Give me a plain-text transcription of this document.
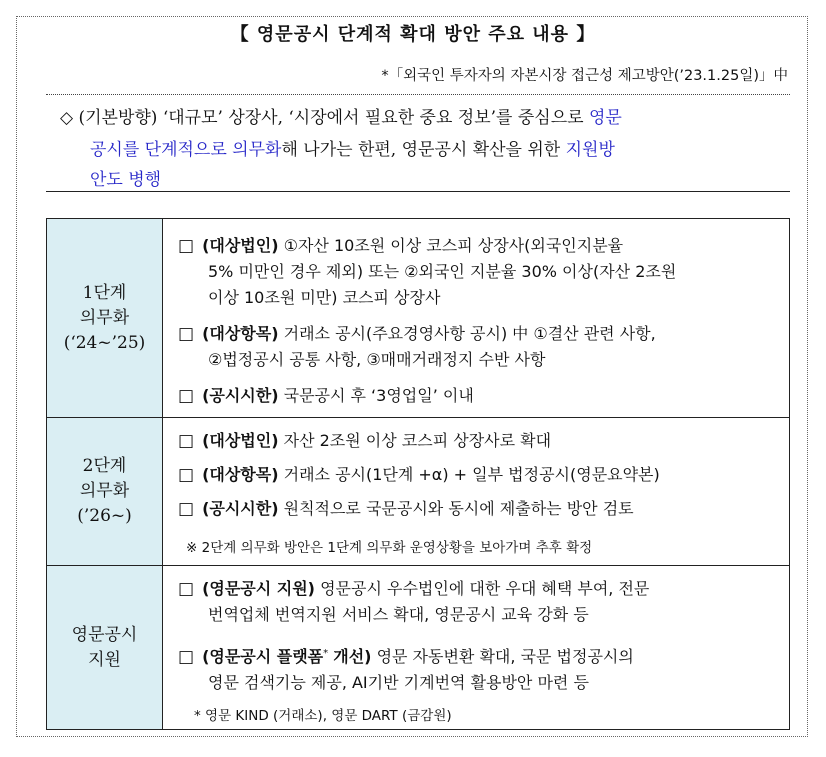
【 영문공시 단계적 확대 방안 주요 내용 】
*「외국인 투자자의 자본시장 접근성 제고방안(’23.1.25일)」中
◇ (기본방향) ‘대규모’ 상장사, ‘시장에서 필요한 중요 정보’를 중심으로 영문
공시를 단계적으로 의무화해 나가는 한편, 영문공시 확산을 위한 지원방
안도 병행
1단계
의무화
(‘24~’25)
□ (대상법인) ①자산 10조원 이상 코스피 상장사(외국인지분율
5% 미만인 경우 제외) 또는 ②외국인 지분율 30% 이상(자산 2조원
이상 10조원 미만) 코스피 상장사
□ (대상항목) 거래소 공시(주요경영사항 공시) 中 ①결산 관련 사항,
②법정공시 공통 사항, ③매매거래정지 수반 사항
□ (공시시한) 국문공시 후 ‘3영업일’ 이내
2단계
의무화
(’26~)
□ (대상법인) 자산 2조원 이상 코스피 상장사로 확대
□ (대상항목) 거래소 공시(1단계 +α) + 일부 법정공시(영문요약본)
□ (공시시한) 원칙적으로 국문공시와 동시에 제출하는 방안 검토
※ 2단계 의무화 방안은 1단계 의무화 운영상황을 보아가며 추후 확정
영문공시
지원
□ (영문공시 지원) 영문공시 우수법인에 대한 우대 혜택 부여, 전문
번역업체 번역지원 서비스 확대, 영문공시 교육 강화 등
□ (영문공시 플랫폼* 개선) 영문 자동변환 확대, 국문 법정공시의
영문 검색기능 제공, AI기반 기계번역 활용방안 마련 등
* 영문 KIND (거래소), 영문 DART (금감원)
